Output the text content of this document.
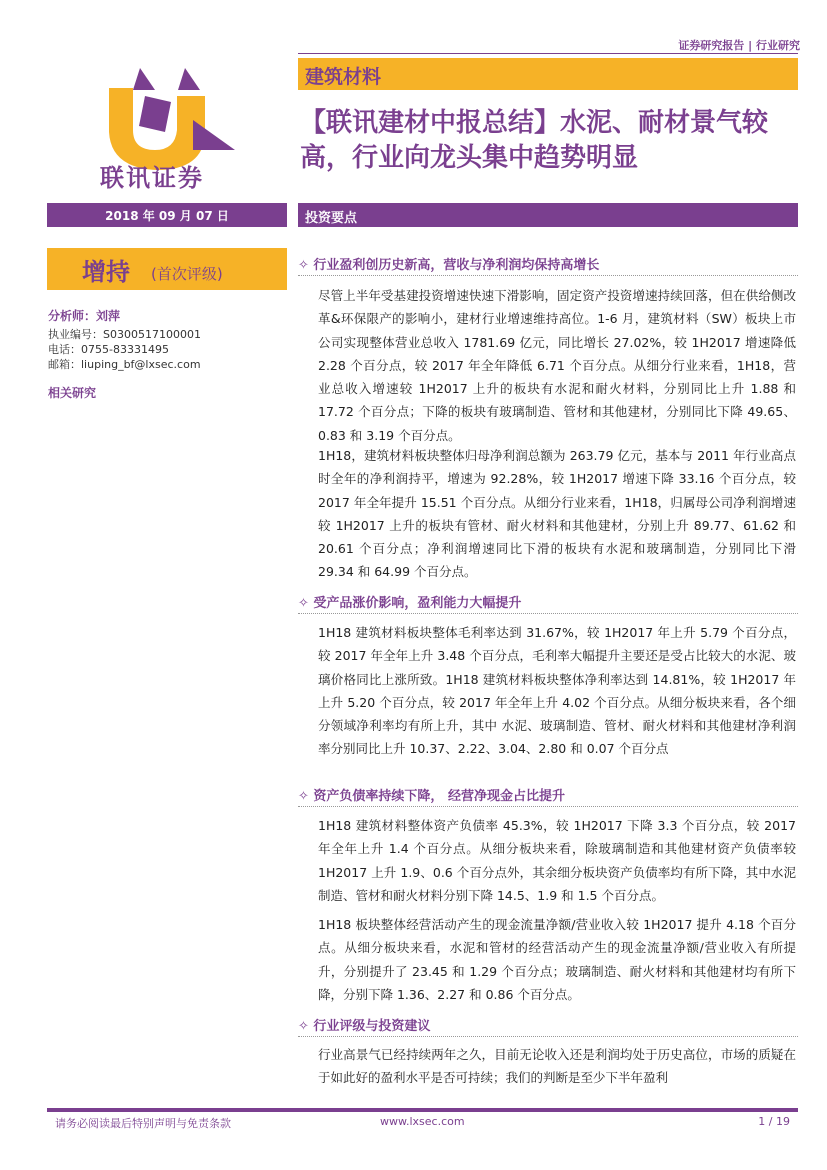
证券研究报告 | 行业研究
联讯证券
建筑材料
【联讯建材中报总结】水泥、耐材景气较高，行业向龙头集中趋势明显
2018 年 09 月 07 日	投资要点
增持 (首次评级)
分析师：刘萍
执业编号：S0300517100001
电话：0755-83331495
邮箱：liuping_bf@lxsec.com
相关研究
✧ 行业盈利创历史新高，营收与净利润均保持高增长
尽管上半年受基建投资增速快速下滑影响，固定资产投资增速持续回落，但在供给侧改革&环保限产的影响小，建材行业增速维持高位。1-6 月，建筑材料（SW）板块上市公司实现整体营业总收入 1781.69 亿元，同比增长 27.02%，较 1H2017 增速降低 2.28 个百分点，较 2017 年全年降低 6.71 个百分点。从细分行业来看，1H18，营业总收入增速较 1H2017 上升的板块有水泥和耐火材料，分别同比上升 1.88 和 17.72 个百分点；下降的板块有玻璃制造、管材和其他建材，分别同比下降 49.65、0.83 和 3.19 个百分点。
1H18，建筑材料板块整体归母净利润总额为 263.79 亿元，基本与 2011 年行业高点时全年的净利润持平，增速为 92.28%，较 1H2017 增速下降 33.16 个百分点，较 2017 年全年提升 15.51 个百分点。从细分行业来看，1H18，归属母公司净利润增速较 1H2017 上升的板块有管材、耐火材料和其他建材，分别上升 89.77、61.62 和 20.61 个百分点；净利润增速同比下滑的板块有水泥和玻璃制造，分别同比下滑 29.34 和 64.99 个百分点。
✧ 受产品涨价影响，盈利能力大幅提升
1H18 建筑材料板块整体毛利率达到 31.67%，较 1H2017 年上升 5.79 个百分点，较 2017 年全年上升 3.48 个百分点，毛利率大幅提升主要还是受占比较大的水泥、玻璃价格同比上涨所致。1H18 建筑材料板块整体净利率达到 14.81%，较 1H2017 年上升 5.20 个百分点，较 2017 年全年上升 4.02 个百分点。从细分板块来看，各个细分领域净利率均有所上升，其中 水泥、玻璃制造、管材、耐火材料和其他建材净利润率分别同比上升 10.37、2.22、3.04、2.80 和 0.07 个百分点
✧ 资产负债率持续下降， 经营净现金占比提升
1H18 建筑材料整体资产负债率 45.3%，较 1H2017 下降 3.3 个百分点，较 2017 年全年上升 1.4 个百分点。从细分板块来看，除玻璃制造和其他建材资产负债率较 1H2017 上升 1.9、0.6 个百分点外，其余细分板块资产负债率均有所下降，其中水泥制造、管材和耐火材料分别下降 14.5、1.9 和 1.5 个百分点。
1H18 板块整体经营活动产生的现金流量净额/营业收入较 1H2017 提升 4.18 个百分点。从细分板块来看，水泥和管材的经营活动产生的现金流量净额/营业收入有所提升，分别提升了 23.45 和 1.29 个百分点；玻璃制造、耐火材料和其他建材均有所下降，分别下降 1.36、2.27 和 0.86 个百分点。
✧ 行业评级与投资建议
行业高景气已经持续两年之久，目前无论收入还是利润均处于历史高位，市场的质疑在于如此好的盈利水平是否可持续；我们的判断是至少下半年盈利
请务必阅读最后特别声明与免责条款	www.lxsec.com	1 / 19
